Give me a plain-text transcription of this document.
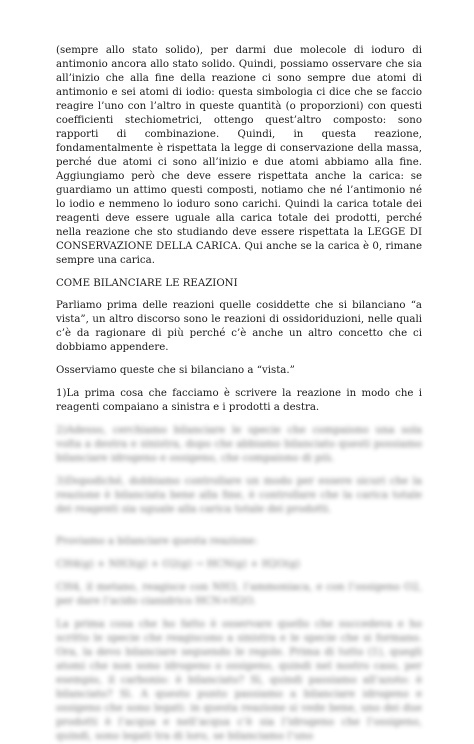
(sempre allo stato solido), per darmi due molecole di ioduro di antimonio ancora allo stato solido. Quindi, possiamo osservare che sia all’inizio che alla fine della reazione ci sono sempre due atomi di antimonio e sei atomi di iodio: questa simbologia ci dice che se faccio reagire l’uno con l’altro in queste quantità (o proporzioni) con questi coefficienti stechiometrici, ottengo quest’altro composto: sono rapporti di combinazione. Quindi, in questa reazione, fondamentalmente è rispettata la legge di conservazione della massa, perché due atomi ci sono all’inizio e due atomi abbiamo alla fine. Aggiungiamo però che deve essere rispettata anche la carica: se guardiamo un attimo questi composti, notiamo che né l’antimonio né lo iodio e nemmeno lo ioduro sono carichi. Quindi la carica totale dei reagenti deve essere uguale alla carica totale dei prodotti, perché nella reazione che sto studiando deve essere rispettata la LEGGE DI CONSERVAZIONE DELLA CARICA. Qui anche se la carica è 0, rimane sempre una carica.

COME BILANCIARE LE REAZIONI

Parliamo prima delle reazioni quelle cosiddette che si bilanciano “a vista”, un altro discorso sono le reazioni di ossidoriduzioni, nelle quali c’è da ragionare di più perché c’è anche un altro concetto che ci dobbiamo appendere.

Osserviamo queste che si bilanciano a “vista.”

1)La prima cosa che facciamo è scrivere la reazione in modo che i reagenti compaiano a sinistra e i prodotti a destra.

2)Adesso, cerchiamo bilanciare le specie che compaiono una sola volta a destra e sinistra, dopo che abbiamo bilanciato questi possiamo bilanciare idrogeno e ossigeno, che compaiono di più.

3)Dopodiché, dobbiamo controllare un modo per essere sicuri che la reazione è bilanciata bene alla fine, è controllare che la carica totale dei reagenti sia uguale alla carica totale dei prodotti.

Proviamo a bilanciare questa reazione:

CH4(g) + NH3(g) + O2(g) → HCN(g) + H2O(g)

CH4, il metano, reagisce con NH3, l’ammoniaca, e con l’ossigeno O2, per dare l’acido cianidrico HCN+H2O.

La prima cosa che ho fatto è osservare quello che succedeva e ho scritto le specie che reagiscono a sinistra e le specie che si formano. Ora, la devo bilanciare seguendo le regole. Prima di tutto (1), quegli atomi che non sono idrogeno o ossigeno, quindi nel nostro caso, per esempio, il carbonio: è bilanciato? Sì, quindi passiamo all’azoto: è bilanciato? Sì. A questo punto passiamo a bilanciare idrogeno e ossigeno che sono legati: in questa reazione si vede bene, uno dei due prodotti è l’acqua e nell’acqua c’è sia l’idrogeno che l’ossigeno, quindi, sono legati tra di loro, se bilanciamo l’uno
